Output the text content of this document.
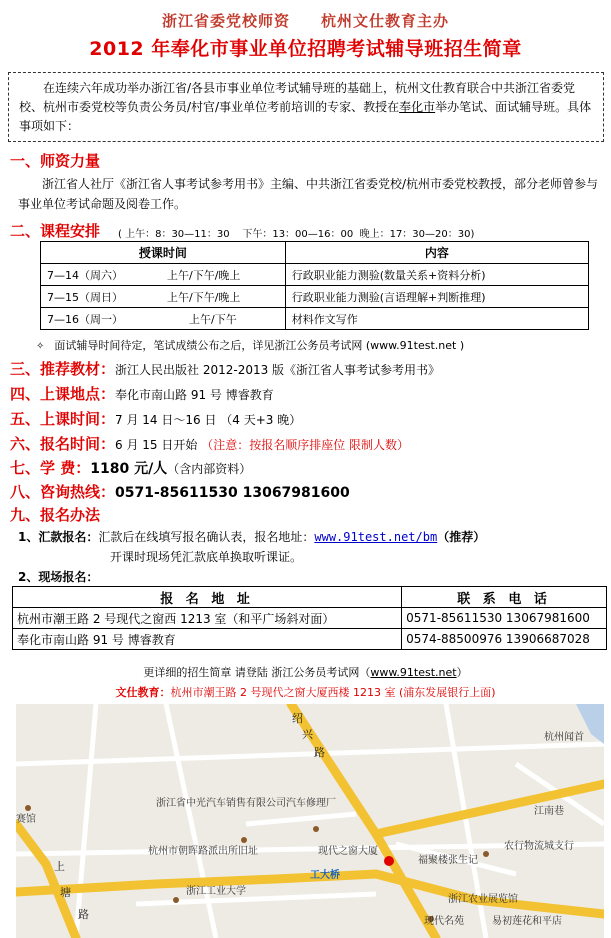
浙江省委党校师资     杭州文仕教育主办
2012 年奉化市事业单位招聘考试辅导班招生简章
在连续六年成功举办浙江省/各县市事业单位考试辅导班的基础上，杭州文仕教育联合中共浙江省委党校、杭州市委党校等负责公务员/村官/事业单位考前培训的专家、教授在奉化市举办笔试、面试辅导班。具体事项如下：
一、师资力量
浙江省人社厅《浙江省人事考试参考用书》主编、中共浙江省委党校/杭州市委党校教授，部分老师曾参与事业单位考试命题及阅卷工作。
二、课程安排 ( 上午：8：30—11：30    下午：13：00—16：00  晚上：17：30—20：30)
授课时间	内容
7—14（周六） 上午/下午/晚上	行政职业能力测验(数量关系+资料分析)
7—15（周日） 上午/下午/晚上	行政职业能力测验(言语理解+判断推理)
7—16（周一） 上午/下午	材料作文写作
✧ 面试辅导时间待定，笔试成绩公布之后，详见浙江公务员考试网 (www.91test.net )
三、推荐教材：浙江人民出版社 2012-2013 版《浙江省人事考试参考用书》
四、上课地点：奉化市南山路 91 号 博睿教育
五、上课时间：7 月 14 日～16 日 （4 天+3 晚）
六、报名时间：6 月 15 日开始 （注意：按报名顺序排座位 限制人数）
七、学 费：1180 元/人（含内部资料）
八、咨询热线：0571-85611530 13067981600
九、报名办法
1、汇款报名：汇款后在线填写报名确认表，报名地址：www.91test.net/bm（推荐）
开课时现场凭汇款底单换取听课证。
2、现场报名：
报 名 地 址	联 系 电 话
杭州市潮王路 2 号现代之窗西 1213 室（和平广场斜对面）	0571-85611530 13067981600
奉化市南山路 91 号 博睿教育	0574-88500976 13906687028
更详细的招生简章 请登陆 浙江公务员考试网（www.91test.net）
文仕教育：杭州市潮王路 2 号现代之窗大厦西楼 1213 室 (浦东发展银行上面)
绍
兴
路
上
塘
路
浙江省中光汽车销售有限公司汽车修理厂
杭州市朝晖路派出所旧址	现代之窗大厦
福聚楼张生记
农行物流城支行
浙江工业大学
浙江农业展览馆
现代名苑	易初莲花和平店
江南巷
杭州闻首
工大桥
赛馆
